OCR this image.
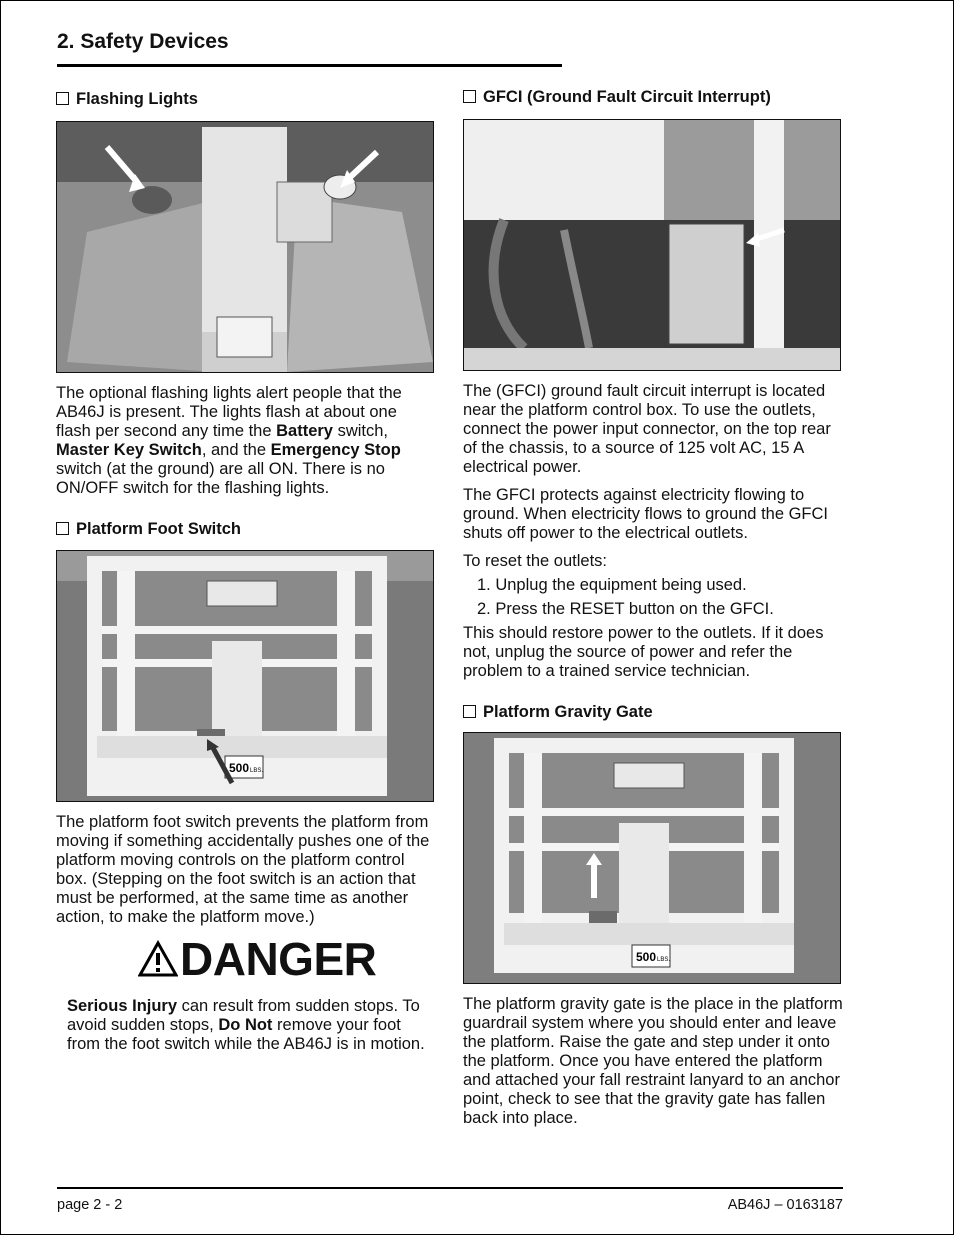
2. Safety Devices
Flashing Lights

The optional flashing lights alert people that the AB46J is present. The lights flash at about one flash per second any time the Battery switch, Master Key Switch, and the Emergency Stop switch (at the ground) are all ON. There is no ON/OFF switch for the flashing lights.

Platform Foot Switch
500 LBS.

The platform foot switch prevents the platform from moving if something accidentally pushes one of the platform moving controls on the platform control box. (Stepping on the foot switch is an action that must be performed, at the same time as another action, to make the platform move.)

DANGER

Serious Injury can result from sudden stops. To avoid sudden stops, Do Not remove your foot from the foot switch while the AB46J is in motion.

GFCI (Ground Fault Circuit Interrupt)

The (GFCI) ground fault circuit interrupt is located near the platform control box. To use the outlets, connect the power input connector, on the top rear of the chassis, to a source of 125 volt AC, 15 A electrical power.

The GFCI protects against electricity flowing to ground. When electricity flows to ground the GFCI shuts off power to the electrical outlets.

To reset the outlets:

1. Unplug the equipment being used.
2. Press the RESET button on the GFCI.

This should restore power to the outlets. If it does not, unplug the source of power and refer the problem to a trained service technician.

Platform Gravity Gate
500 LBS.

The platform gravity gate is the place in the platform guardrail system where you should enter and leave the platform. Raise the gate and step under it onto the platform. Once you have entered the platform and attached your fall restraint lanyard to an anchor point, check to see that the gravity gate has fallen back into place.

page 2 - 2	AB46J – 0163187
